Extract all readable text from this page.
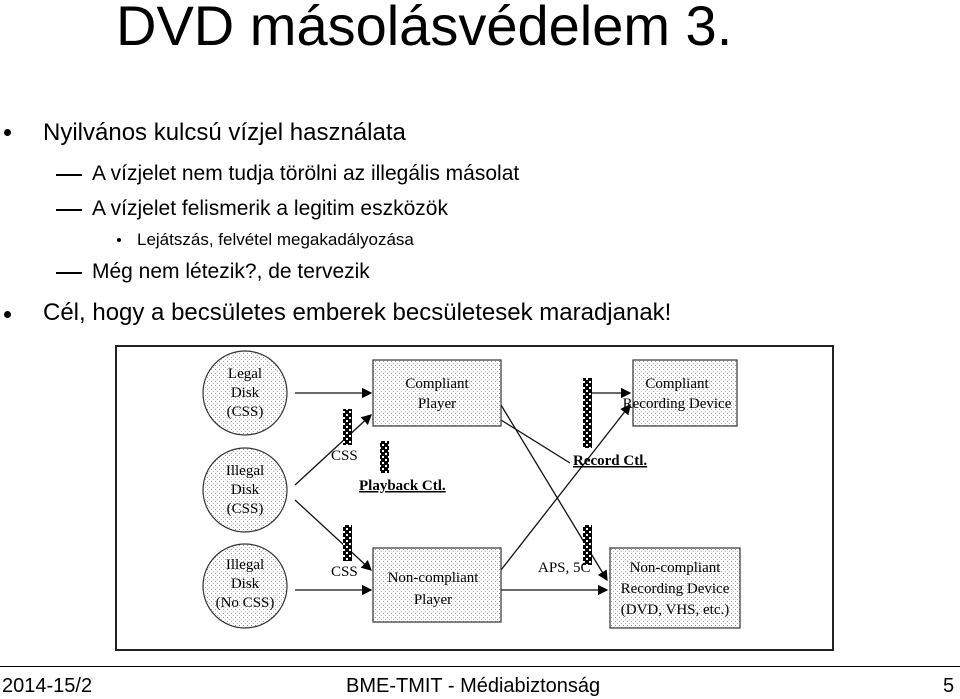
DVD másolásvédelem 3.
Nyilvános kulcsú vízjel használata
A vízjelet nem tudja törölni az illegális másolat
A vízjelet felismerik a legitim eszközök
Lejátszás, felvétel megakadályozása
Még nem létezik?, de tervezik
Cél, hogy a becsületes emberek becsületesek maradjanak!
Legal
Disk
(CSS)
Illegal
Disk
(CSS)
Illegal
Disk
(No CSS)
Compliant
Player
Compliant
Recording Device
Non-compliant
Player
Non-compliant
Recording Device
(DVD, VHS, etc.)
CSS
Playback Ctl.
Record Ctl.
CSS	APS, 5C
2014-15/2	BME-TMIT - Médiabiztonság	5
